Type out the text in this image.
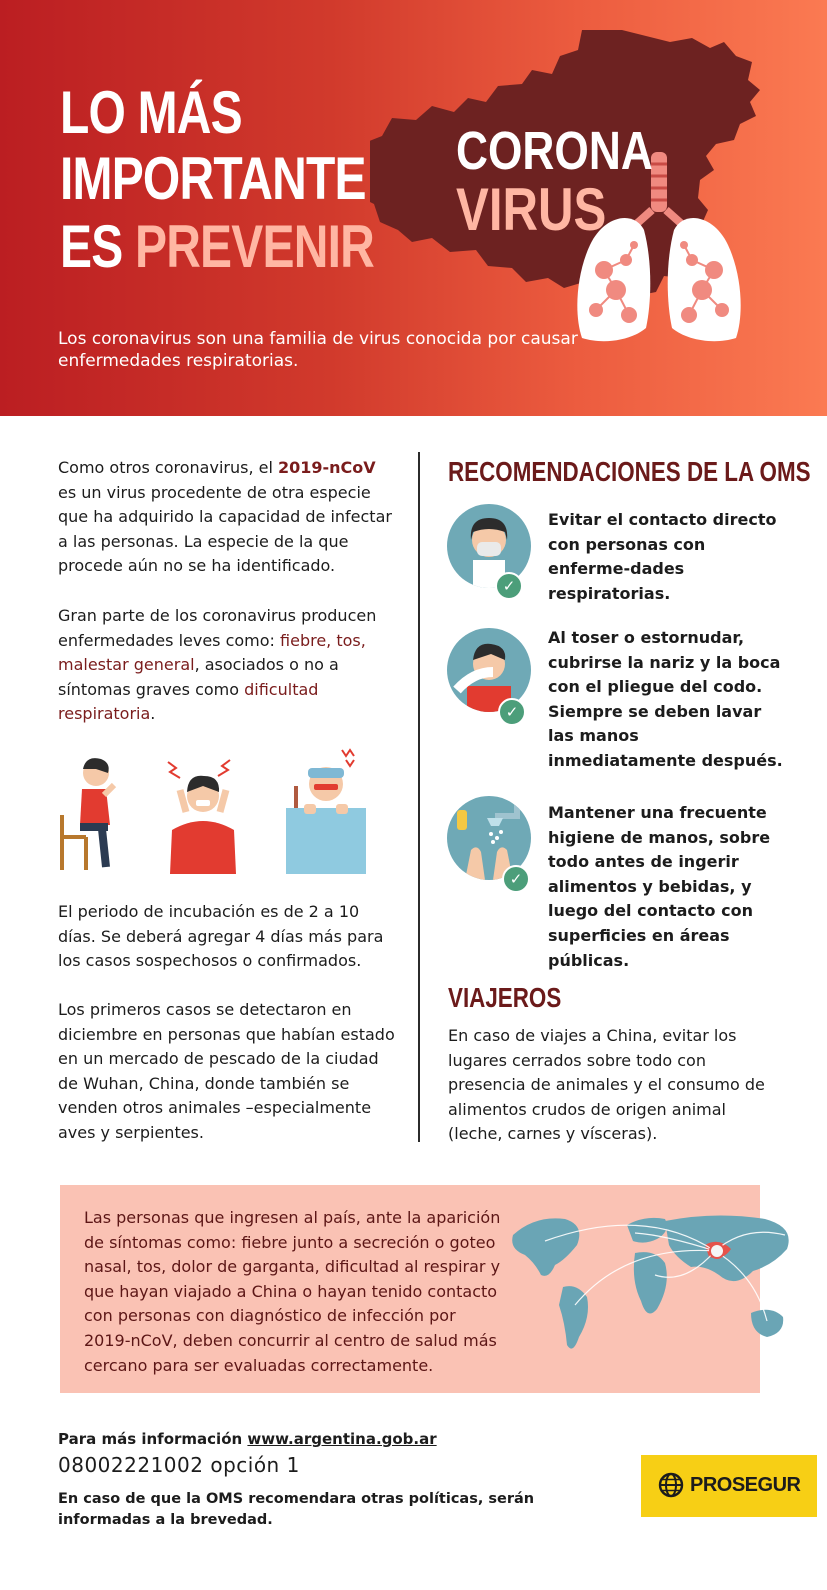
LO MÁS
IMPORTANTE
ES PREVENIR
CORONA
VIRUS
Los coronavirus son una familia de virus conocida por causar enfermedades respiratorias.
Como otros coronavirus, el 2019-nCoV es un virus procedente de otra especie que ha adquirido la capacidad de infectar a las personas. La especie de la que procede aún no se ha identificado.
Gran parte de los coronavirus producen enfermedades leves como: fiebre, tos, malestar general, asociados o no a síntomas graves como dificultad respiratoria.
El periodo de incubación es de 2 a 10 días. Se deberá agregar 4 días más para los casos sospechosos o confirmados.
Los primeros casos se detectaron en diciembre en personas que habían estado en un mercado de pescado de la ciudad de Wuhan, China, donde también se venden otros animales –especialmente aves y serpientes.
RECOMENDACIONES DE LA OMS
✓
Evitar el contacto directo con personas con enferme-dades respiratorias.
✓
Al toser o estornudar, cubrirse la nariz y la boca con el pliegue del codo. Siempre se deben lavar las manos inmediatamente después.
✓
Mantener una frecuente higiene de manos, sobre todo antes de ingerir alimentos y bebidas, y luego del contacto con superficies en áreas públicas.
VIAJEROS
En caso de viajes a China, evitar los lugares cerrados sobre todo con presencia de animales y el consumo de alimentos crudos de origen animal (leche, carnes y vísceras).
Las personas que ingresen al país, ante la aparición de síntomas como: fiebre junto a secreción o goteo nasal, tos, dolor de garganta, dificultad al respirar y que hayan viajado a China o hayan tenido contacto con personas con diagnóstico de infección por 2019-nCoV, deben concurrir al centro de salud más cercano para ser evaluadas correctamente.
Para más información www.argentina.gob.ar
08002221002 opción 1
En caso de que la OMS recomendara otras políticas, serán informadas a la brevedad.
PROSEGUR
